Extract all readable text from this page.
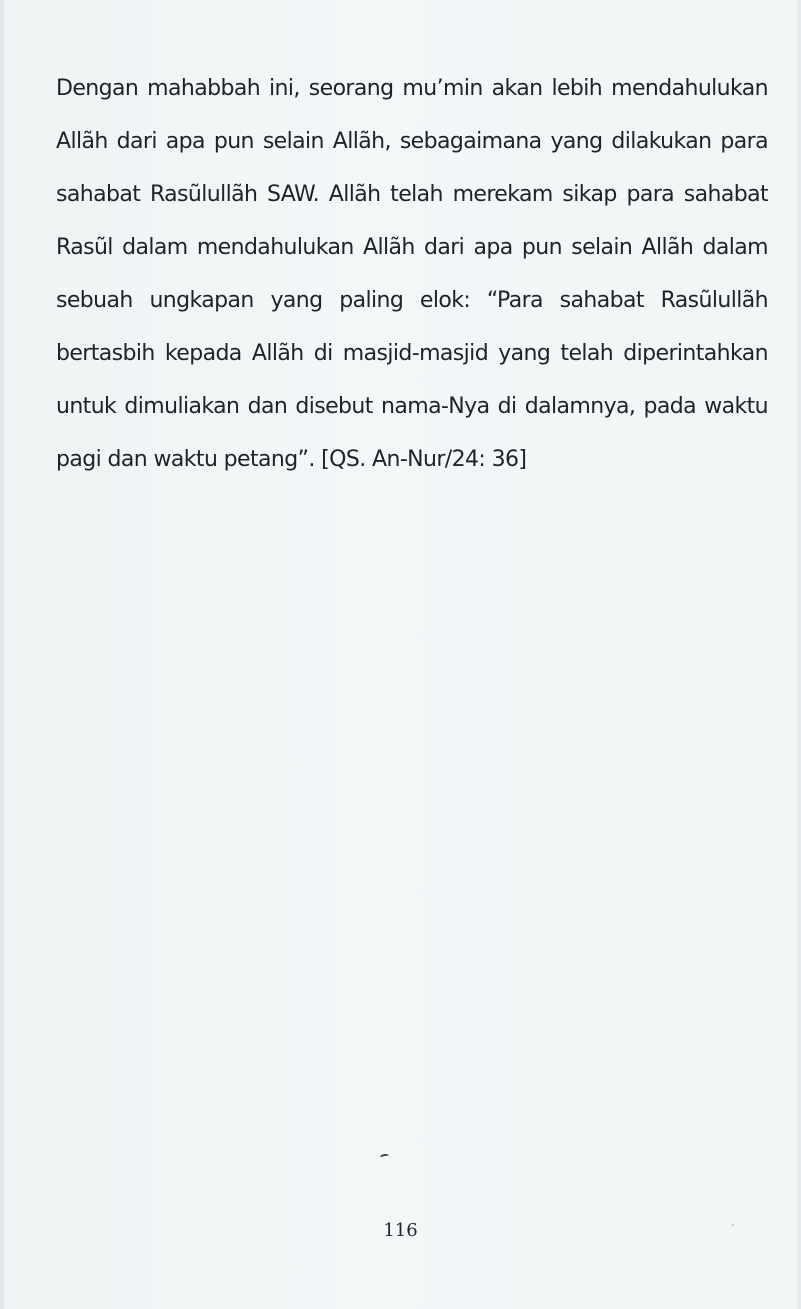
Dengan mahabbah ini, seorang mu’min akan lebih mendahulukan
Allãh dari apa pun selain Allãh, sebagaimana yang dilakukan para
sahabat Rasũlullãh SAW. Allãh telah merekam sikap para sahabat
Rasũl dalam mendahulukan Allãh dari apa pun selain Allãh dalam
sebuah ungkapan yang paling elok: “Para sahabat Rasũlullãh
bertasbih kepada Allãh di masjid-masjid yang telah diperintahkan
untuk dimuliakan dan disebut nama-Nya di dalamnya, pada waktu
pagi dan waktu petang”. [QS. An-Nur/24: 36]

116
